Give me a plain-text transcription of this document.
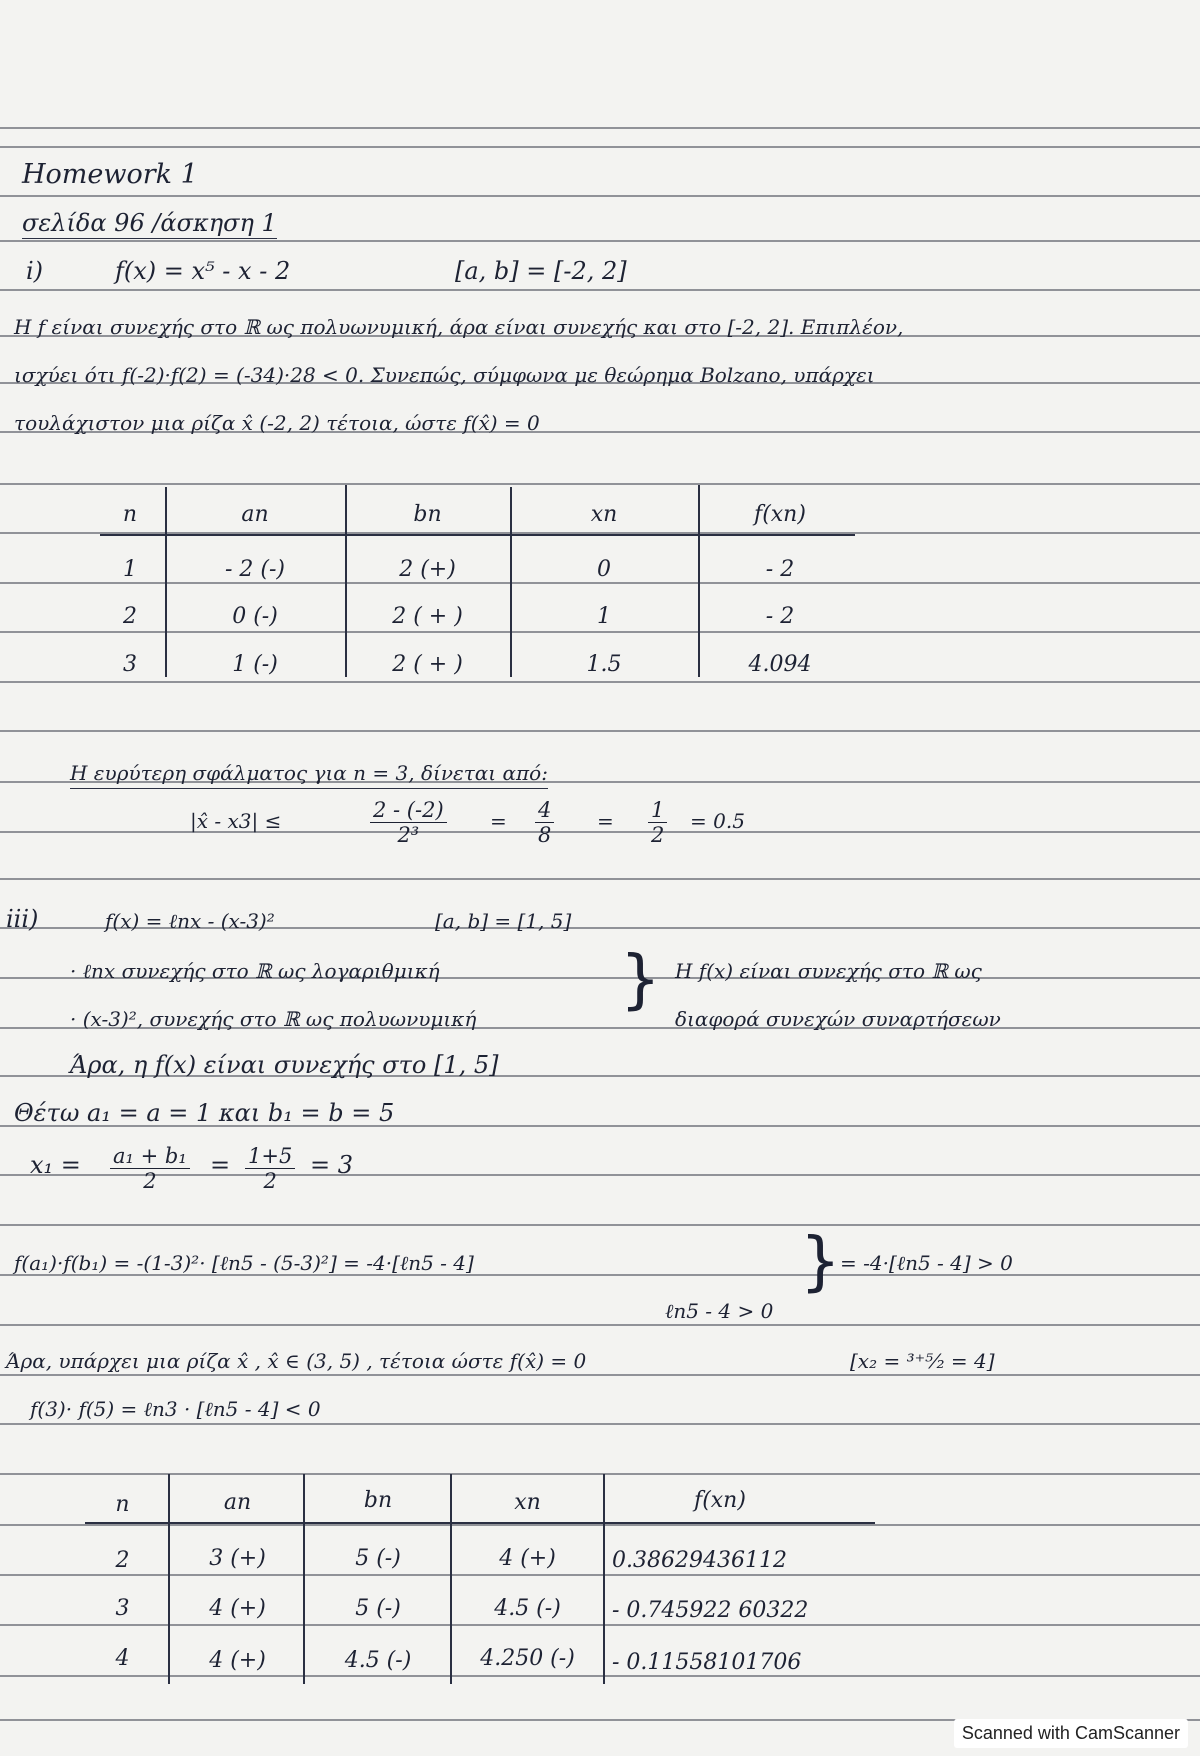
Homework 1
σελίδα 96 /άσκηση 1
i)	f(x) = x⁵ - x - 2	[a, b] = [-2, 2]
Η f είναι συνεχής στο ℝ ως πολυωνυμική, άρα είναι συνεχής και στο [-2, 2]. Επιπλέον,
ισχύει ότι f(-2)·f(2) = (-34)·28 < 0. Συνεπώς, σύμφωνα με θεώρημα Bolzano, υπάρχει
τουλάχιστον μια ρίζα x̂ (-2, 2) τέτοια, ώστε f(x̂) = 0
n	an	bn	xn	f(xn)
1	- 2 (-)	2 (+)	0	- 2
2	0 (-)	2 ( + )	1	- 2
3	1 (-)	2 ( + )	1.5	4.094
Η ευρύτερη σφάλματος για n = 3, δίνεται από:
|x̂ - x3| ≤	$\frac{2 - (-2)}{\text{2³}} = \frac{4}{8} = \frac{1}{2} = 0.5$
iii)	f(x) = ℓnx - (x-3)²	[a, b] = [1, 5]
· ℓnx συνεχής στο ℝ ως λογαριθμική
· (x-3)², συνεχής στο ℝ ως πολυωνυμική
} Η f(x) είναι συνεχής στο ℝ ως
διαφορά συνεχών συναρτήσεων
Άρα, η f(x) είναι συνεχής στο [1, 5]
Θέτω a₁ = a = 1 και b₁ = b = 5
$x_1 = \frac{\text{a₁ + b₁}}{2} = \frac{1+5}{2} = 3$
f(a₁)·f(b₁) = -(1-3)²· [ℓn5 - (5-3)²] = -4·[ℓn5 - 4]	} = -4·[ℓn5 - 4] > 0
ℓn5 - 4 > 0
Άρα, υπάρχει μια ρίζα x̂ , x̂ ∈ (3, 5) , τέτοια ώστε f(x̂) = 0	[x₂ = ³⁺⁵⁄₂ = 4]
f(3)· f(5) = ℓn3 · [ℓn5 - 4] < 0
n	an	bn	xn	f(xn)
2	3 (+)	5 (-)	4 (+)	0.38629436112
3	4 (+)	5 (-)	4.5 (-)	- 0.745922 60322
4	4 (+)	4.5 (-)	4.250 (-)	- 0.11558101706
Scanned with CamScanner
